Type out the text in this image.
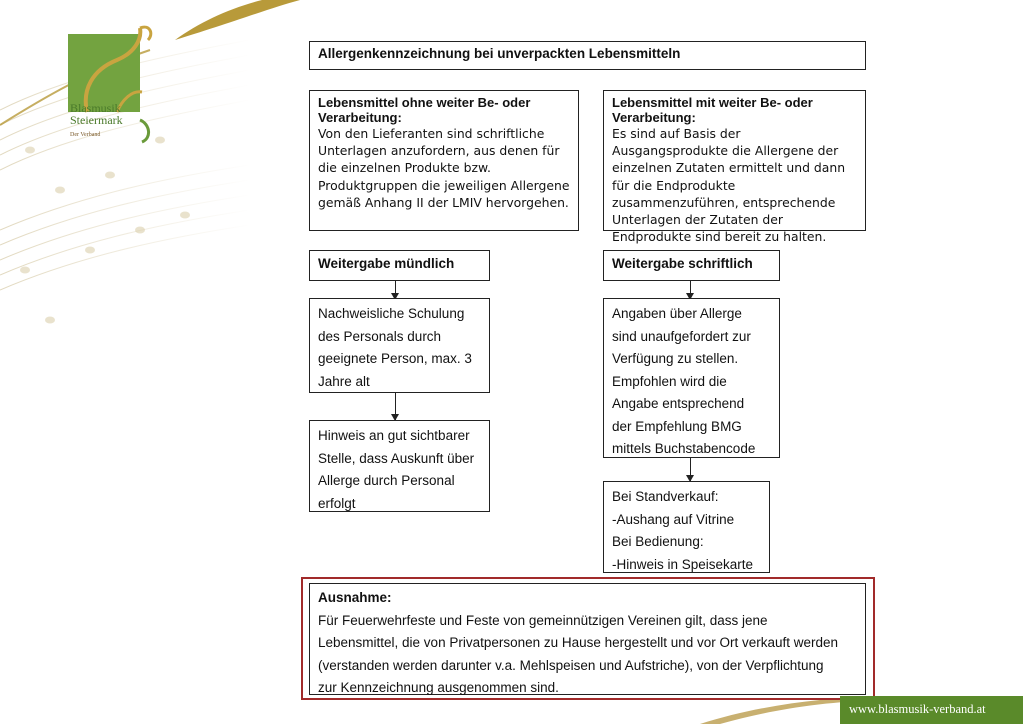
Blasmusik
Steiermark
Der Verband
Allergenkennzeichnung bei unverpackten Lebensmitteln
Lebensmittel ohne weiter Be- oder Verarbeitung:
Von den Lieferanten sind schriftliche Unterlagen anzufordern, aus denen für die einzelnen Produkte bzw. Produktgruppen die jeweiligen Allergene gemäß Anhang II der LMIV hervorgehen.
Lebensmittel mit weiter Be- oder Verarbeitung:
Es sind auf Basis der Ausgangsprodukte die Allergene der einzelnen Zutaten ermittelt und dann für die Endprodukte zusammenzuführen, entsprechende Unterlagen der Zutaten der Endprodukte sind bereit zu halten.
Weitergabe mündlich
Nachweisliche Schulung
des Personals durch
geeignete Person, max. 3
Jahre alt
Hinweis an gut sichtbarer
Stelle, dass Auskunft über
Allerge durch Personal
erfolgt
Weitergabe schriftlich
Angaben über Allerge
sind unaufgefordert zur
Verfügung zu stellen.
Empfohlen wird die
Angabe entsprechend
der Empfehlung BMG
mittels Buchstabencode
Bei Standverkauf:
-Aushang auf Vitrine
Bei Bedienung:
-Hinweis in Speisekarte
Ausnahme:
Für Feuerwehrfeste und Feste von gemeinnützigen Vereinen gilt, dass jene
Lebensmittel, die von Privatpersonen zu Hause hergestellt und vor Ort verkauft werden
(verstanden werden darunter v.a. Mehlspeisen und Aufstriche), von der Verpflichtung
zur Kennzeichnung ausgenommen sind.
www.blasmusik-verband.at
